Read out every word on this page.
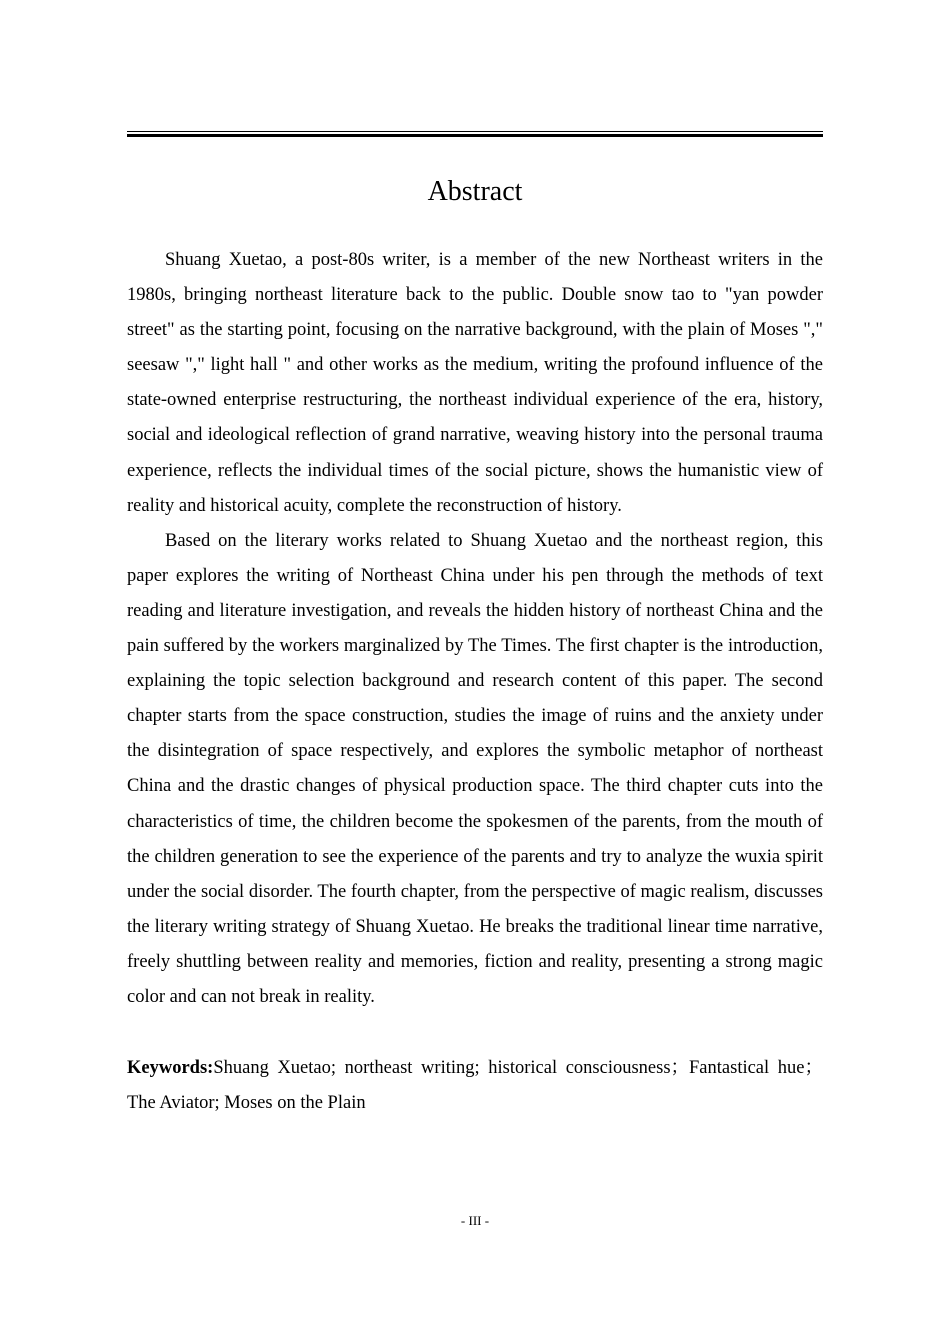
Abstract

Shuang Xuetao, a post-80s writer, is a member of the new Northeast writers in the 1980s, bringing northeast literature back to the public. Double snow tao to "yan powder street" as the starting point, focusing on the narrative background, with the plain of Moses "," seesaw "," light hall " and other works as the medium, writing the profound influence of the state-owned enterprise restructuring, the northeast individual experience of the era, history, social and ideological reflection of grand narrative, weaving history into the personal trauma experience, reflects the individual times of the social picture, shows the humanistic view of reality and historical acuity, complete the reconstruction of history.

Based on the literary works related to Shuang Xuetao and the northeast region, this paper explores the writing of Northeast China under his pen through the methods of text reading and literature investigation, and reveals the hidden history of northeast China and the pain suffered by the workers marginalized by The Times. The first chapter is the introduction, explaining the topic selection background and research content of this paper. The second chapter starts from the space construction, studies the image of ruins and the anxiety under the disintegration of space respectively, and explores the symbolic metaphor of northeast China and the drastic changes of physical production space. The third chapter cuts into the characteristics of time, the children become the spokesmen of the parents, from the mouth of the children generation to see the experience of the parents and try to analyze the wuxia spirit under the social disorder. The fourth chapter, from the perspective of magic realism, discusses the literary writing strategy of Shuang Xuetao. He breaks the traditional linear time narrative, freely shuttling between reality and memories, fiction and reality, presenting a strong magic color and can not break in reality.

Keywords:Shuang Xuetao; northeast writing; historical consciousness；Fantastical hue；The Aviator; Moses on the Plain

- III -
